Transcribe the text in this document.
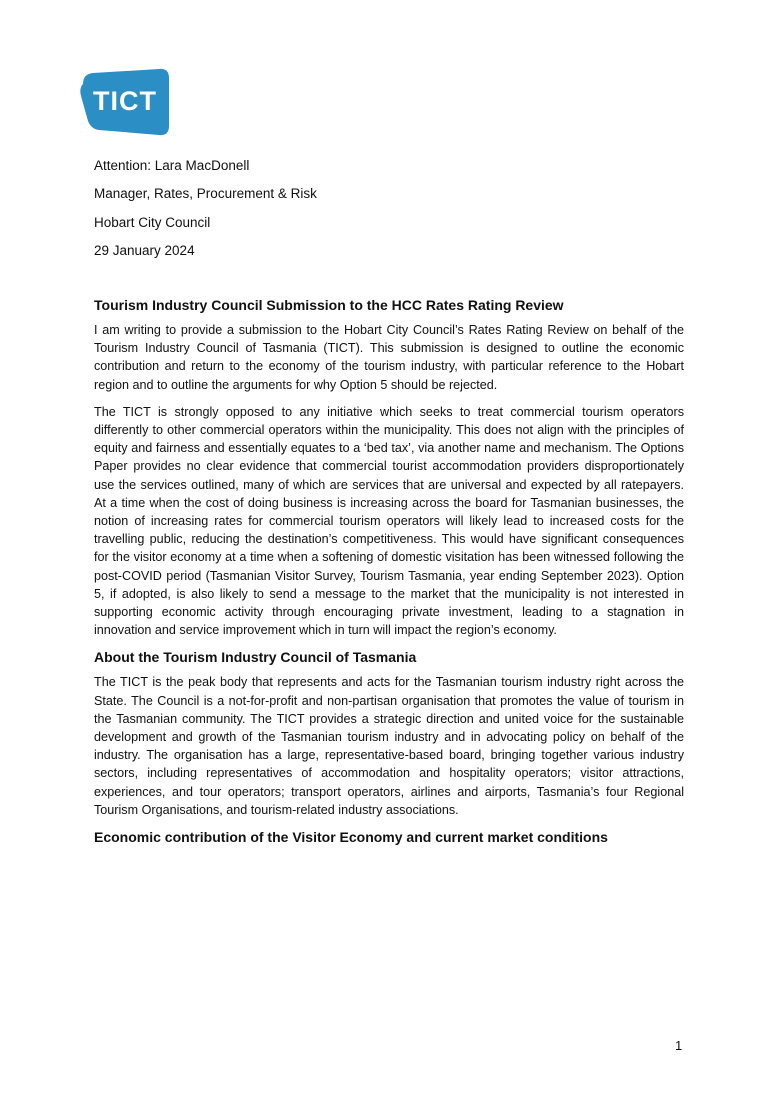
TICT

Attention: Lara MacDonell

Manager, Rates, Procurement & Risk

Hobart City Council

29 January 2024

Tourism Industry Council Submission to the HCC Rates Rating Review

I am writing to provide a submission to the Hobart City Council’s Rates Rating Review on behalf of the Tourism Industry Council of Tasmania (TICT). This submission is designed to outline the economic contribution and return to the economy of the tourism industry, with particular reference to the Hobart region and to outline the arguments for why Option 5 should be rejected.

The TICT is strongly opposed to any initiative which seeks to treat commercial tourism operators differently to other commercial operators within the municipality. This does not align with the principles of equity and fairness and essentially equates to a ‘bed tax’, via another name and mechanism. The Options Paper provides no clear evidence that commercial tourist accommodation providers disproportionately use the services outlined, many of which are services that are universal and expected by all ratepayers. At a time when the cost of doing business is increasing across the board for Tasmanian businesses, the notion of increasing rates for commercial tourism operators will likely lead to increased costs for the travelling public, reducing the destination’s competitiveness. This would have significant consequences for the visitor economy at a time when a softening of domestic visitation has been witnessed following the post-COVID period (Tasmanian Visitor Survey, Tourism Tasmania, year ending September 2023). Option 5, if adopted, is also likely to send a message to the market that the municipality is not interested in supporting economic activity through encouraging private investment, leading to a stagnation in innovation and service improvement which in turn will impact the region’s economy.

About the Tourism Industry Council of Tasmania

The TICT is the peak body that represents and acts for the Tasmanian tourism industry right across the State. The Council is a not-for-profit and non-partisan organisation that promotes the value of tourism in the Tasmanian community. The TICT provides a strategic direction and united voice for the sustainable development and growth of the Tasmanian tourism industry and in advocating policy on behalf of the industry. The organisation has a large, representative-based board, bringing together various industry sectors, including representatives of accommodation and hospitality operators; visitor attractions, experiences, and tour operators; transport operators, airlines and airports, Tasmania’s four Regional Tourism Organisations, and tourism-related industry associations.

Economic contribution of the Visitor Economy and current market conditions
1
